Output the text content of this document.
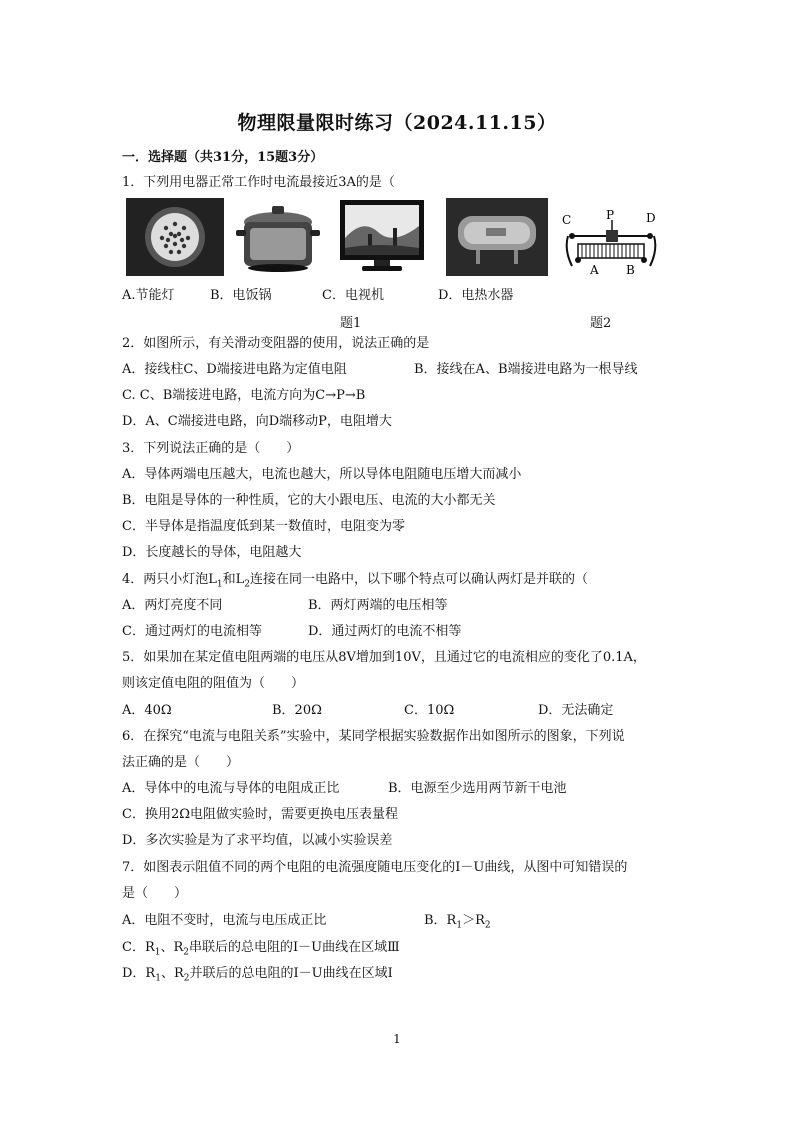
物理限量限时练习（2024.11.15）
一．选择题（共31分，15题3分）
1．下列用电器正常工作时电流最接近3A的是（
C	P	D
A B
A.节能灯	B．电饭锅	C．电视机	D．电热水器
题1	题2
2．如图所示，有关滑动变阻器的使用，说法正确的是
A．接线柱C、D端接进电路为定值电阻	B．接线在A、B端接进电路为一根导线
C. C、B端接进电路，电流方向为C→P→B
D．A、C端接进电路，向D端移动P，电阻增大
3．下列说法正确的是（　　）
A．导体两端电压越大，电流也越大，所以导体电阻随电压增大而减小
B．电阻是导体的一种性质，它的大小跟电压、电流的大小都无关
C．半导体是指温度低到某一数值时，电阻变为零
D．长度越长的导体，电阻越大
4．两只小灯泡$L_1$和$L_2$连接在同一电路中，以下哪个特点可以确认两灯是并联的（
A．两灯亮度不同	B．两灯两端的电压相等
C．通过两灯的电流相等	D．通过两灯的电流不相等
5．如果加在某定值电阻两端的电压从8V增加到10V，且通过它的电流相应的变化了0.1A，
则该定值电阻的阻值为（　　）
A．40Ω	B．20Ω	C．10Ω	D．无法确定
6．在探究“电流与电阻关系”实验中，某同学根据实验数据作出如图所示的图象，下列说
法正确的是（　　）
A．导体中的电流与导体的电阻成正比	B．电源至少选用两节新干电池
C．换用2Ω电阻做实验时，需要更换电压表量程
D．多次实验是为了求平均值，以减小实验误差
7．如图表示阻值不同的两个电阻的电流强度随电压变化的I－U曲线，从图中可知错误的
是（　　）
A．电阻不变时，电流与电压成正比	B．$R_1>R_2$
C．$R_1$、$R_2$串联后的总电阻的I－U曲线在区域Ⅲ
D．$R_1$、$R_2$并联后的总电阻的I－U曲线在区域Ⅰ
1
